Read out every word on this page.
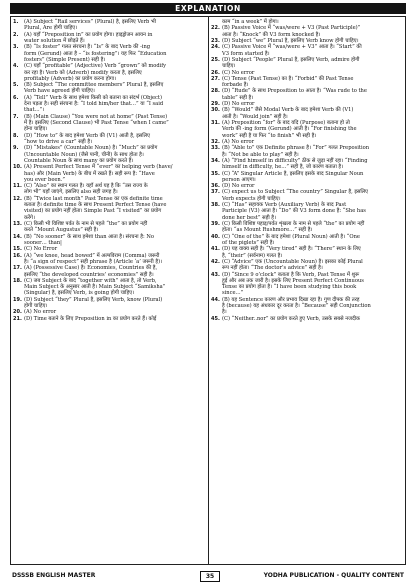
EXPLANATION
1.	(A) Subject “Rail services” (Plural) है, इसलिए Verb भी
Plural, Are होगी चाहिए।
2.	(A) यहाँ “Preposition in” का प्रयोग होगा। हाइड्रोजन आयन in
water solution में छोड़ते हैं।
3.	(B) “Is foster” गलत संरचना है। “Is” के बाद Verb की -ing
form (Gerund) आता है – “is fostering”। यह फिर “Education
fosters” (Simple Present) सही है।
4.	(C) यहाँ “profitable” (Adjective) Verb “grown” को modify
कर रहा है। Verb को (Adverb) modify करता है, इसलिए
profitably (Adverb) का प्रयोग करना होगा।
5.	(B) Subject “The committee members” Plural है, इसलिए
Verb have agreed होगी चाहिए।
6.	(A) “Tell” Verb के साथ हमेशा किसी को बताना का संदर्भ (Object)
देना पड़ता है। सही संरचना है: “I told him/her that…” या “I said
that…”।
7.	(B) (Main Clause) “You were not at home” (Past Tense)
में है। इसलिए (Second Clause) भी Past Tense “when I came”
होना चाहिए।
8.	(D) “How to” के बाद हमेशा Verb की (V1) आती है, इसलिए
“how to drive a car” सही है।
9.	(D) “Mistakes” (Countable Noun) है। “Much” का प्रयोग
(Uncountable Noun) (जैसे पानी, चीनी) के साथ होता है।
Countable Noun के साथ many का प्रयोग करते हैं।
10. (A) Present Perfect Tense में “ever” का helping verb (have/
has) और (Main Verb) के बीच में रखते हैं। सही रूप है: “Have
you ever been.”
11. (C) “Also” का स्थान गलत है। यहाँ अर्थ यह है कि “उस राज्य के
लोग भी” यहाँ जाएंगे, इसलिए also सही जगह है।
12. (B) “Twice last month” Past Tense का एक definite time
बताता है। definite time के साथ Present Perfect Tense (have
visited) का प्रयोग नहीं होता। Simple Past “I visited” का प्रयोग
करेंगे।
13. (C) किसी भी विशिष्ट पर्वत के नाम से पहले “the” का प्रयोग नहीं
करते “Mount Augustus” सही है।
14. (B) “No sooner” के साथ हमेशा than आता है। संरचना है: No
sooner… than|
15. (C) No Error
16. (A) “we knee, head bowed” में अल्पविराम (Comma) जरूरी
है। “a sign of respect” सही phrase है (Article ‘a’ जरूरी है)।
17. (A) (Possessive Case) है। Economies, Countries की है,
इसलिए “the developed countries’ economies” सही है।
18. (C) जब Subject के बाद “together with” आता है, तो Verb,
Main Subject के अनुसार आती है। Main Subject “Samiksha”
(Singular) है, इसलिए Verb, is going होगी चाहिए।
19. (D) Subject “they” Plural है, इसलिए Verb, know (Plural)
होगी चाहिए।
20. (A) No error
21. (D) Time बताने के लिए Preposition in का प्रयोग करते हैं। कोई
काम “in a week” में होगा।
22. (B) Passive Voice में “was/were + V3 (Past Participle)”
आता है। “Knock” की V3 form knocked है।
23. (D) Subject “we” Plural है, इसलिए Verb know होगी चाहिए।
24. (C) Passive Voice में “was/were + V3” आता है। “Start” की
V3 form started है।
25. (D) Subject “People” Plural है, इसलिए Verb, admire होगी
चाहिए।
26. (C) No error
27. (C) Tense (Past Tense) का है। “Forbid” की Past Tense
forbade है।
28. (D) “Rude” के साथ Preposition to आता है। “Was rude to the
table” सही है।
29. (D) No error
30. (B) “Would” जैसे Modal Verb के बाद हमेशा Verb की (V1)
आती है। “Would join” सही है।
31. (A) Preposition “for” के बाद यदि (Purpose) बताना हो तो
Verb की -ing form (Gerund) आती है। “For finishing the
work” सही है या फिर “to finish” भी सही है।
32. (A) No error
33. (B) “Able to” एक Definite phrase है। “For” गलत Preposition
है। “Not be able to play” सही है।
34. (A) “Find himself in difficulty” ठीक से जुड़ा नहीं रहा। “Finding
himself in difficulty, he…” सही है, जो कारण बताता है।
35. (C) “A” Singular Article है, इसलिए इसके बाद Singular Noun
person आएगा।
36. (D) No error
37. (C) expect us to Subject “The country” Singular है, इसलिए
Verb expects होगी चाहिए।
38. (C) “Has” सहायक Verb (Auxiliary Verb) के बाद Past
Participle (V3) आता है। “Do” की V3 form done है: “She has
done her best” सही है।
39. (C) किसी विशिष्ट पहाड़/पर्वत शृंखला के नाम से पहले “the” का प्रयोग नहीं
होता। “as Mount Rushmore…” सही है।
40. (C) “One of the” के बाद हमेशा (Plural Noun) आती है। “One
of the piglets” सही है।
41. (D) यह वाक्य सही है। “Very tired” सही है। “There” स्थान के लिए
है, “their” (सर्वनाम) गलत है।
42. (C) “Advice” एक (Uncountable Noun) है। इसका कोई Plural
रूप नहीं होता। “The doctor’s advice” सही है।
43. (D) “Since 9 o’clock” बताता है कि Verb, Past Tense में शुरू
हुई और अब तक जारी है। इसके लिए Present Perfect Continuous
Tense का प्रयोग होता है। “I have been studying this book
since…”
44. (B) यह Sentence कारण और प्रभाव दिखा रहा है। गुण दीपक की तरह
है (because) यह अंधकार दूर करता है। “Because” सही Conjunction
है।
45. (C) “Neither..nor” का प्रयोग करते हुए Verb, उसके सबसे नजदीक
DSSSB ENGLISH MASTER	35	YODHA PUBLICATION - QUALITY CONTENT
